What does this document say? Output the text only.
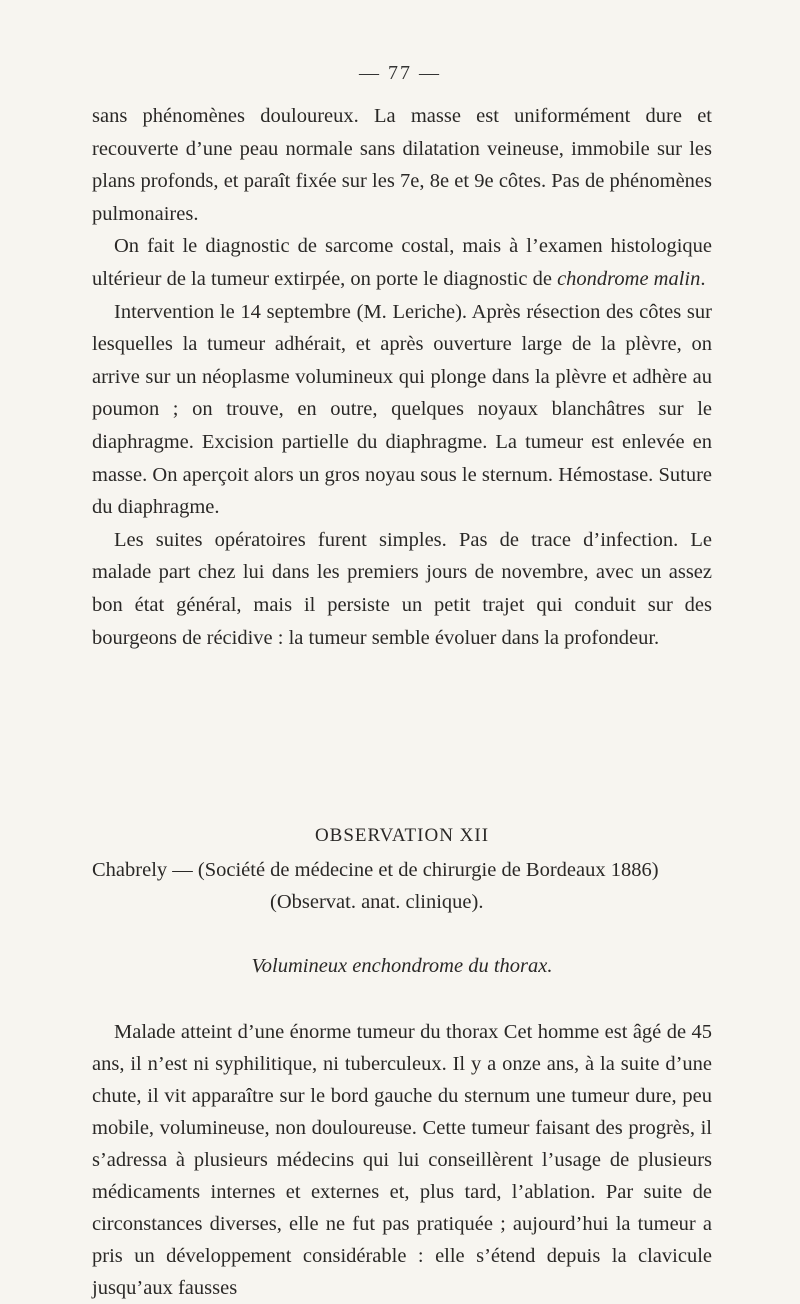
— 77 —

sans phénomènes douloureux. La masse est uniformément dure et recouverte d’une peau normale sans dilatation veineuse, immobile sur les plans profonds, et paraît fixée sur les 7e, 8e et 9e côtes. Pas de phénomènes pulmonaires.

On fait le diagnostic de sarcome costal, mais à l’examen histologique ultérieur de la tumeur extirpée, on porte le diagnostic de chondrome malin.

Intervention le 14 septembre (M. Leriche). Après résection des côtes sur lesquelles la tumeur adhérait, et après ouverture large de la plèvre, on arrive sur un néoplasme volumineux qui plonge dans la plèvre et adhère au poumon ; on trouve, en outre, quelques noyaux blanchâtres sur le diaphragme. Excision partielle du diaphragme. La tumeur est enlevée en masse. On aperçoit alors un gros noyau sous le sternum. Hémostase. Suture du diaphragme.

Les suites opératoires furent simples. Pas de trace d’infection. Le malade part chez lui dans les premiers jours de novembre, avec un assez bon état général, mais il persiste un petit trajet qui conduit sur des bourgeons de récidive : la tumeur semble évoluer dans la profondeur.

OBSERVATION XII
Chabrely — (Société de médecine et de chirurgie de Bordeaux 1886)
(Observat. anat. clinique).
Volumineux enchondrome du thorax.

Malade atteint d’une énorme tumeur du thorax Cet homme est âgé de 45 ans, il n’est ni syphilitique, ni tuberculeux. Il y a onze ans, à la suite d’une chute, il vit apparaître sur le bord gauche du sternum une tumeur dure, peu mobile, volumineuse, non douloureuse. Cette tumeur faisant des progrès, il s’adressa à plusieurs médecins qui lui conseillèrent l’usage de plusieurs médicaments internes et externes et, plus tard, l’ablation. Par suite de circonstances diverses, elle ne fut pas pratiquée ; aujourd’hui la tumeur a pris un développement considérable : elle s’étend depuis la clavicule jusqu’aux fausses
